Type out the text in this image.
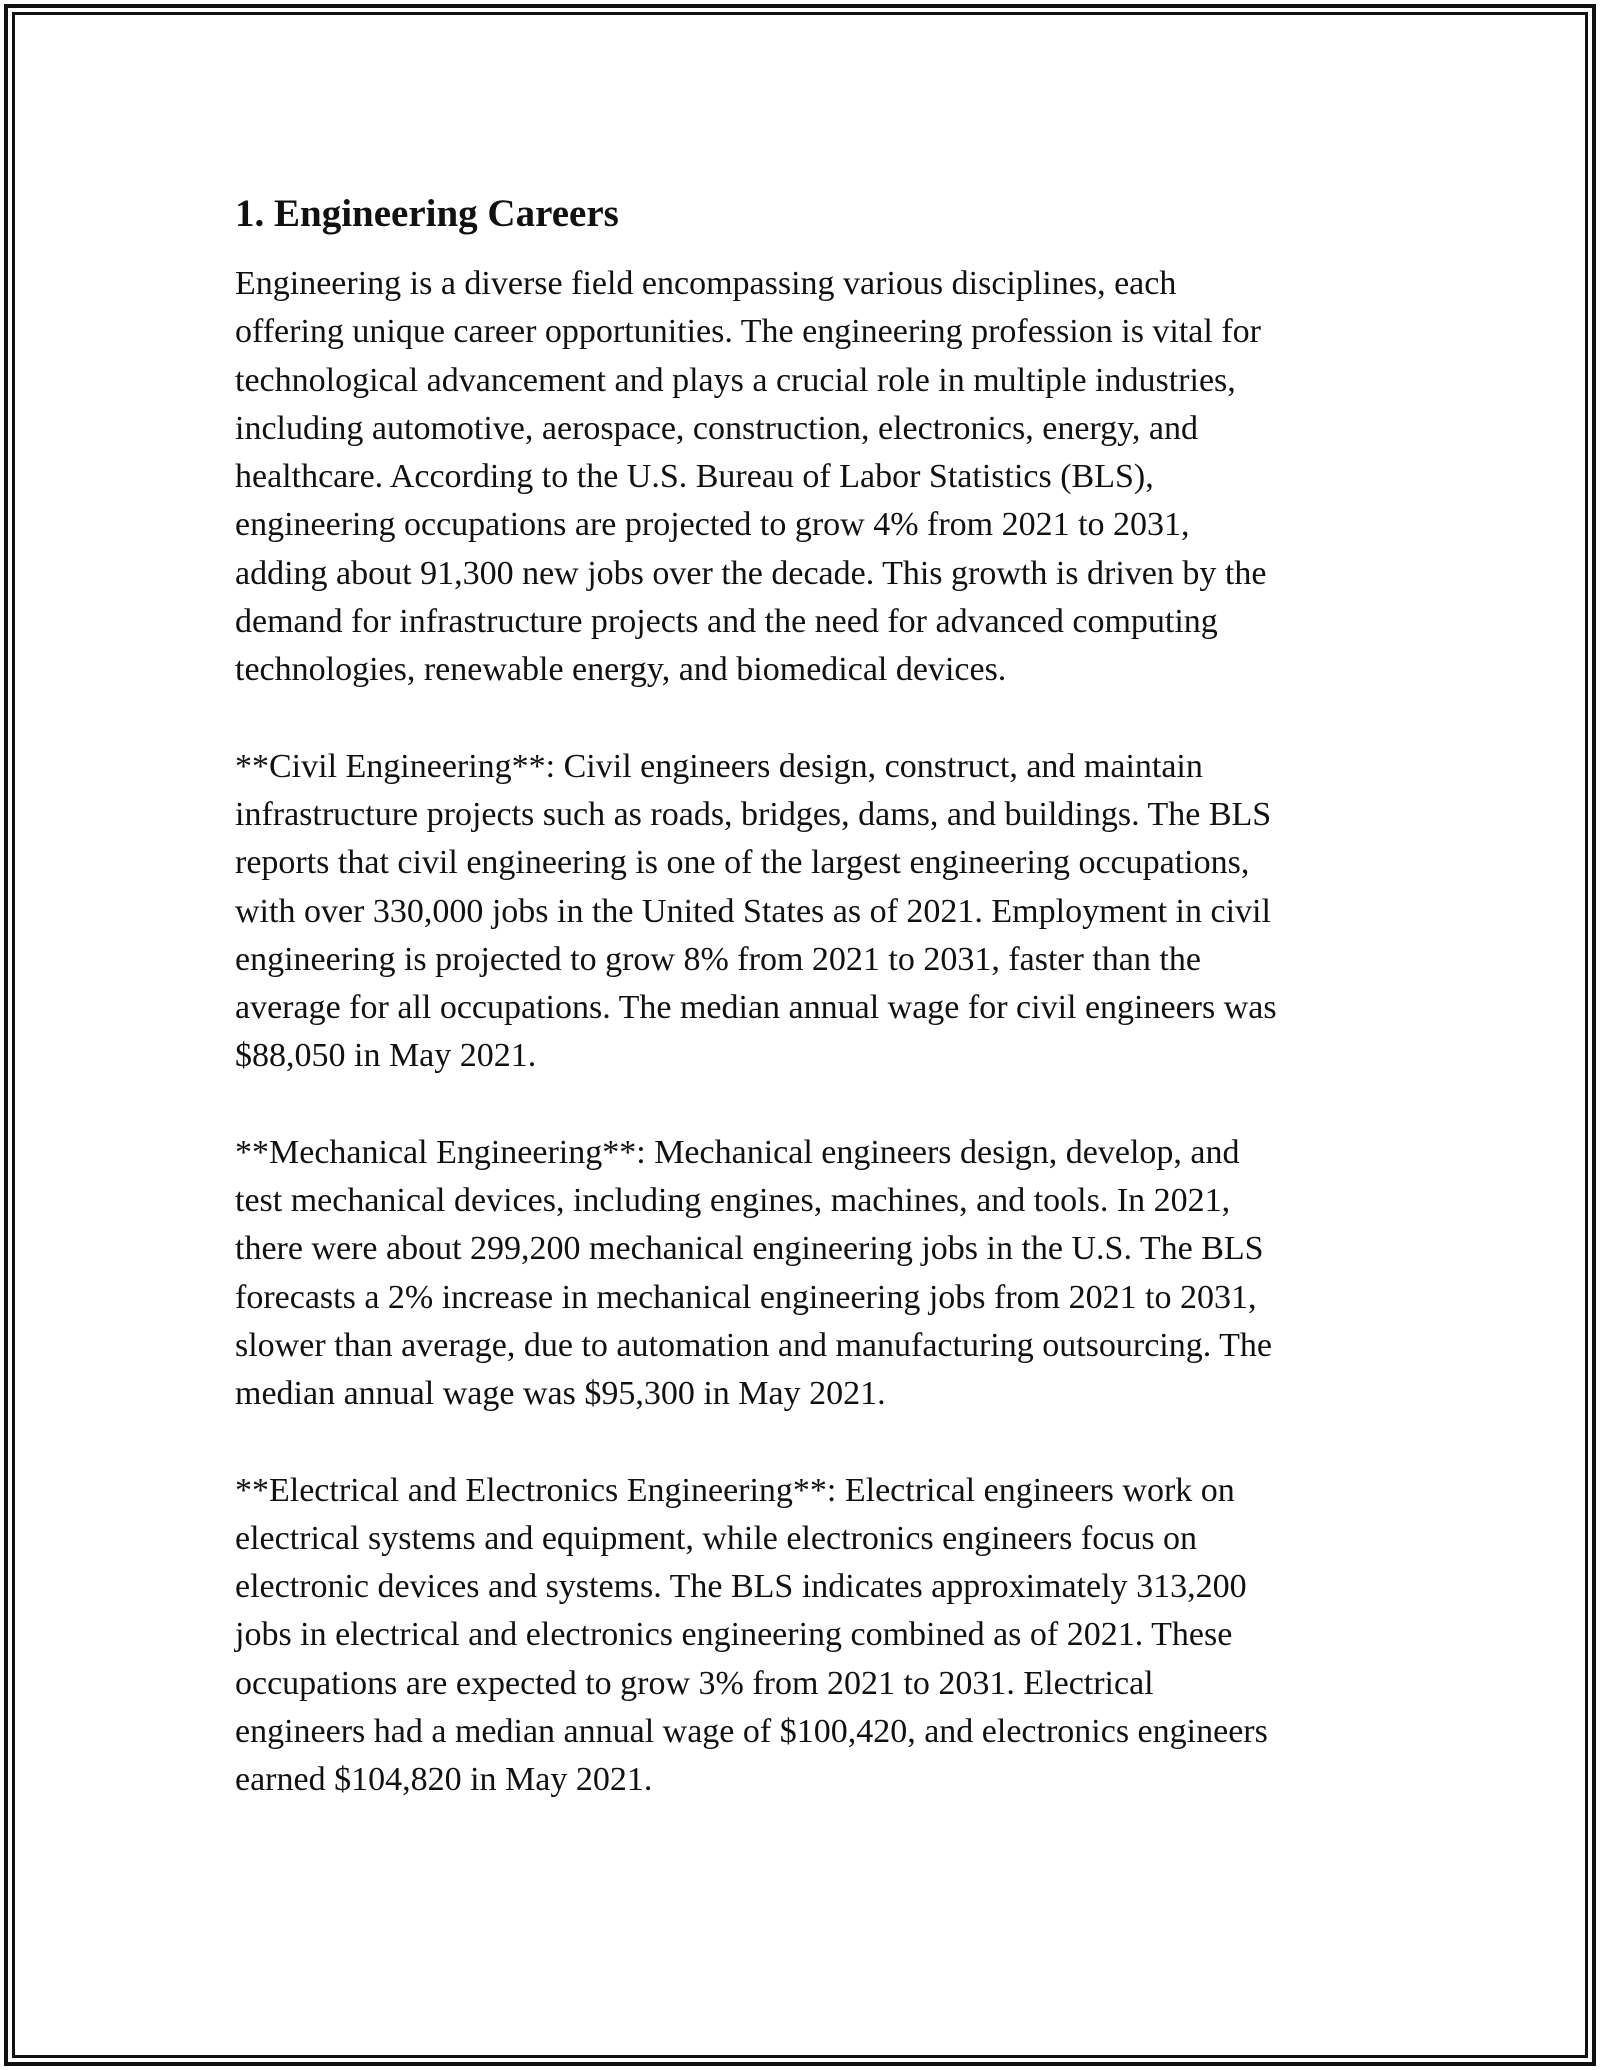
1. Engineering Careers

Engineering is a diverse field encompassing various disciplines, each
offering unique career opportunities. The engineering profession is vital for
technological advancement and plays a crucial role in multiple industries,
including automotive, aerospace, construction, electronics, energy, and
healthcare. According to the U.S. Bureau of Labor Statistics (BLS),
engineering occupations are projected to grow 4% from 2021 to 2031,
adding about 91,300 new jobs over the decade. This growth is driven by the
demand for infrastructure projects and the need for advanced computing
technologies, renewable energy, and biomedical devices.

**Civil Engineering**: Civil engineers design, construct, and maintain
infrastructure projects such as roads, bridges, dams, and buildings. The BLS
reports that civil engineering is one of the largest engineering occupations,
with over 330,000 jobs in the United States as of 2021. Employment in civil
engineering is projected to grow 8% from 2021 to 2031, faster than the
average for all occupations. The median annual wage for civil engineers was
$88,050 in May 2021.

**Mechanical Engineering**: Mechanical engineers design, develop, and
test mechanical devices, including engines, machines, and tools. In 2021,
there were about 299,200 mechanical engineering jobs in the U.S. The BLS
forecasts a 2% increase in mechanical engineering jobs from 2021 to 2031,
slower than average, due to automation and manufacturing outsourcing. The
median annual wage was $95,300 in May 2021.

**Electrical and Electronics Engineering**: Electrical engineers work on
electrical systems and equipment, while electronics engineers focus on
electronic devices and systems. The BLS indicates approximately 313,200
jobs in electrical and electronics engineering combined as of 2021. These
occupations are expected to grow 3% from 2021 to 2031. Electrical
engineers had a median annual wage of $100,420, and electronics engineers
earned $104,820 in May 2021.
